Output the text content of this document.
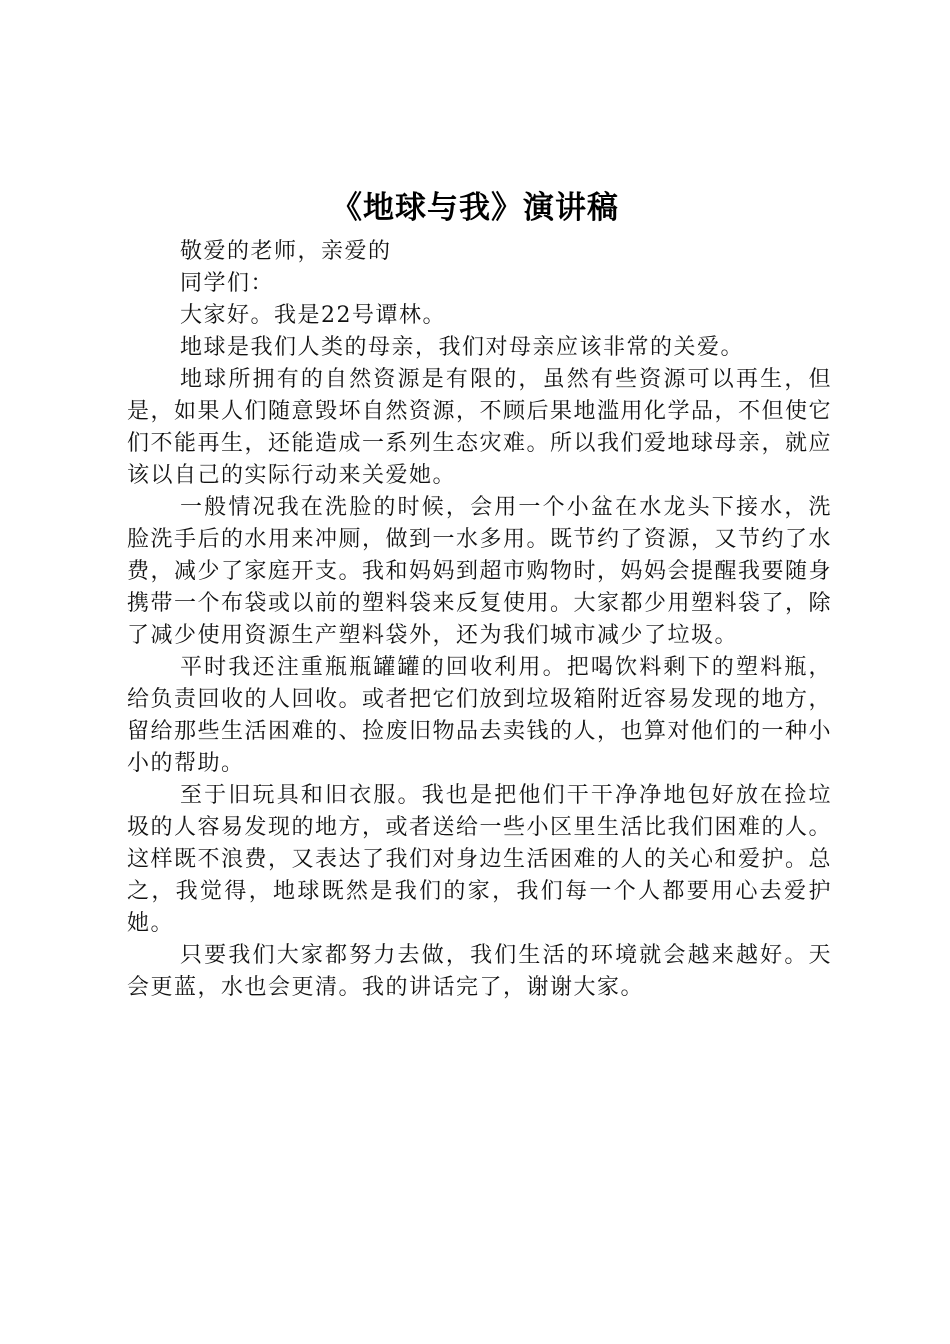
《地球与我》演讲稿

敬爱的老师，亲爱的

同学们：

大家好。我是22号谭林。

地球是我们人类的母亲，我们对母亲应该非常的关爱。

地球所拥有的自然资源是有限的，虽然有些资源可以再生，但是，如果人们随意毁坏自然资源，不顾后果地滥用化学品，不但使它们不能再生，还能造成一系列生态灾难。所以我们爱地球母亲，就应该以自己的实际行动来关爱她。

一般情况我在洗脸的时候，会用一个小盆在水龙头下接水，洗脸洗手后的水用来冲厕，做到一水多用。既节约了资源，又节约了水费，减少了家庭开支。我和妈妈到超市购物时，妈妈会提醒我要随身携带一个布袋或以前的塑料袋来反复使用。大家都少用塑料袋了，除了减少使用资源生产塑料袋外，还为我们城市减少了垃圾。

平时我还注重瓶瓶罐罐的回收利用。把喝饮料剩下的塑料瓶，给负责回收的人回收。或者把它们放到垃圾箱附近容易发现的地方，留给那些生活困难的、捡废旧物品去卖钱的人，也算对他们的一种小小的帮助。

至于旧玩具和旧衣服。我也是把他们干干净净地包好放在捡垃圾的人容易发现的地方，或者送给一些小区里生活比我们困难的人。这样既不浪费，又表达了我们对身边生活困难的人的关心和爱护。总之，我觉得，地球既然是我们的家，我们每一个人都要用心去爱护她。

只要我们大家都努力去做，我们生活的环境就会越来越好。天会更蓝，水也会更清。我的讲话完了，谢谢大家。
